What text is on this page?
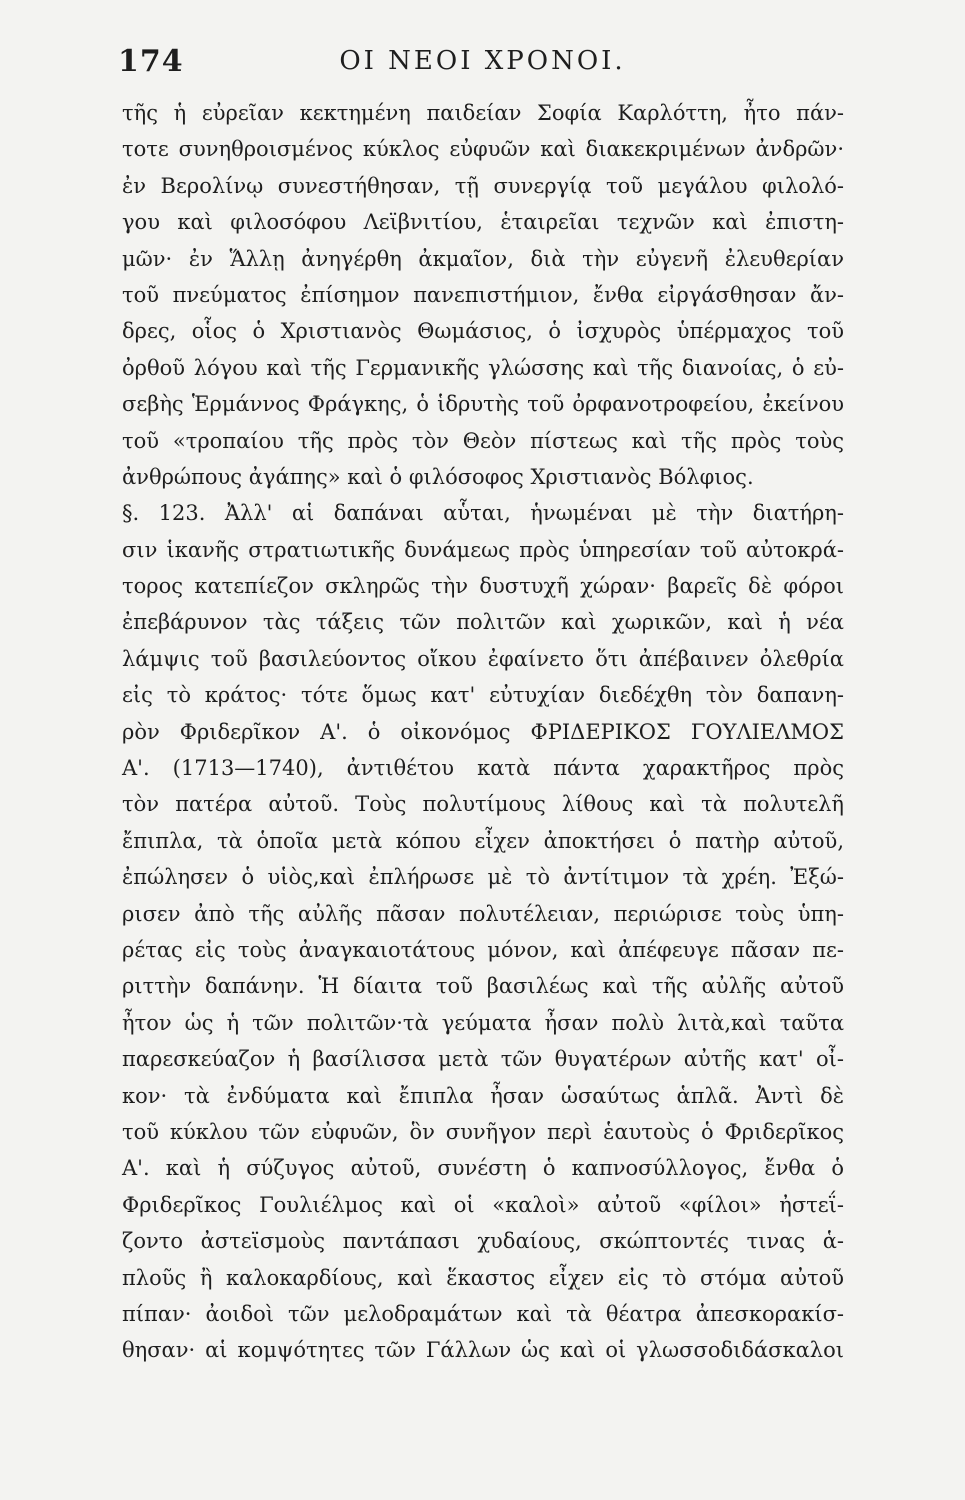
174	ΟΙ ΝΕΟΙ ΧΡΟΝΟΙ.
τῆς ἡ εὐρεῖαν κεκτημένη παιδείαν Σοφία Καρλόττη, ἦτο πάν-
τοτε συνηθροισμένος κύκλος εὐφυῶν καὶ διακεκριμένων ἀνδρῶν·
ἐν Βερολίνῳ συνεστήθησαν, τῇ συνεργίᾳ τοῦ μεγάλου φιλολό-
γου καὶ φιλοσόφου Λεϊβνιτίου, ἑταιρεῖαι τεχνῶν καὶ ἐπιστη-
μῶν· ἐν Ἅλλῃ ἀνηγέρθη ἀκμαῖον, διὰ τὴν εὐγενῆ ἐλευθερίαν
τοῦ πνεύματος ἐπίσημον πανεπιστήμιον, ἔνθα εἰργάσθησαν ἄν-
δρες, οἷος ὁ Χριστιανὸς Θωμάσιος, ὁ ἰσχυρὸς ὑπέρμαχος τοῦ
ὀρθοῦ λόγου καὶ τῆς Γερμανικῆς γλώσσης καὶ τῆς διανοίας, ὁ εὐ-
σεβὴς Ἑρμάννος Φράγκης, ὁ ἱδρυτὴς τοῦ ὀρφανοτροφείου, ἐκείνου
τοῦ «τροπαίου τῆς πρὸς τὸν Θεὸν πίστεως καὶ τῆς πρὸς τοὺς
ἀνθρώπους ἀγάπης» καὶ ὁ φιλόσοφος Χριστιανὸς Βόλφιος.
§. 123. Ἀλλ' αἱ δαπάναι αὗται, ἡνωμέναι μὲ τὴν διατήρη-
σιν ἱκανῆς στρατιωτικῆς δυνάμεως πρὸς ὑπηρεσίαν τοῦ αὐτοκρά-
τορος κατεπίεζον σκληρῶς τὴν δυστυχῆ χώραν· βαρεῖς δὲ φόροι
ἐπεβάρυνον τὰς τάξεις τῶν πολιτῶν καὶ χωρικῶν, καὶ ἡ νέα
λάμψις τοῦ βασιλεύοντος οἴκου ἐφαίνετο ὅτι ἀπέβαινεν ὀλεθρία
εἰς τὸ κράτος· τότε ὅμως κατ' εὐτυχίαν διεδέχθη τὸν δαπανη-
ρὸν Φριδερῖκον Α'. ὁ οἰκονόμος ΦΡΙΔΕΡΙΚΟΣ ΓΟΥΛΙΕΛΜΟΣ
Α'. (1713—1740), ἀντιθέτου κατὰ πάντα χαρακτῆρος πρὸς
τὸν πατέρα αὐτοῦ. Τοὺς πολυτίμους λίθους καὶ τὰ πολυτελῆ
ἔπιπλα, τὰ ὁποῖα μετὰ κόπου εἶχεν ἀποκτήσει ὁ πατὴρ αὐτοῦ,
ἐπώλησεν ὁ υἱὸς,καὶ ἐπλήρωσε μὲ τὸ ἀντίτιμον τὰ χρέη. Ἐξώ-
ρισεν ἀπὸ τῆς αὐλῆς πᾶσαν πολυτέλειαν, περιώρισε τοὺς ὑπη-
ρέτας εἰς τοὺς ἀναγκαιοτάτους μόνον, καὶ ἀπέφευγε πᾶσαν πε-
ριττὴν δαπάνην. Ἡ δίαιτα τοῦ βασιλέως καὶ τῆς αὐλῆς αὐτοῦ
ἦτον ὡς ἡ τῶν πολιτῶν·τὰ γεύματα ἦσαν πολὺ λιτὰ,καὶ ταῦτα
παρεσκεύαζον ἡ βασίλισσα μετὰ τῶν θυγατέρων αὐτῆς κατ' οἶ-
κον· τὰ ἐνδύματα καὶ ἔπιπλα ἦσαν ὡσαύτως ἁπλᾶ. Ἀντὶ δὲ
τοῦ κύκλου τῶν εὐφυῶν, ὃν συνῆγον περὶ ἑαυτοὺς ὁ Φριδερῖκος
Α'. καὶ ἡ σύζυγος αὐτοῦ, συνέστη ὁ καπνοσύλλογος, ἔνθα ὁ
Φριδερῖκος Γουλιέλμος καὶ οἱ «καλοὶ» αὐτοῦ «φίλοι» ἠστεΐ-
ζοντο ἀστεϊσμοὺς παντάπασι χυδαίους, σκώπτοντές τινας ἁ-
πλοῦς ἢ καλοκαρδίους, καὶ ἕκαστος εἶχεν εἰς τὸ στόμα αὐτοῦ
πίπαν· ἀοιδοὶ τῶν μελοδραμάτων καὶ τὰ θέατρα ἀπεσκορακίσ-
θησαν· αἱ κομψότητες τῶν Γάλλων ὡς καὶ οἱ γλωσσοδιδάσκαλοι
